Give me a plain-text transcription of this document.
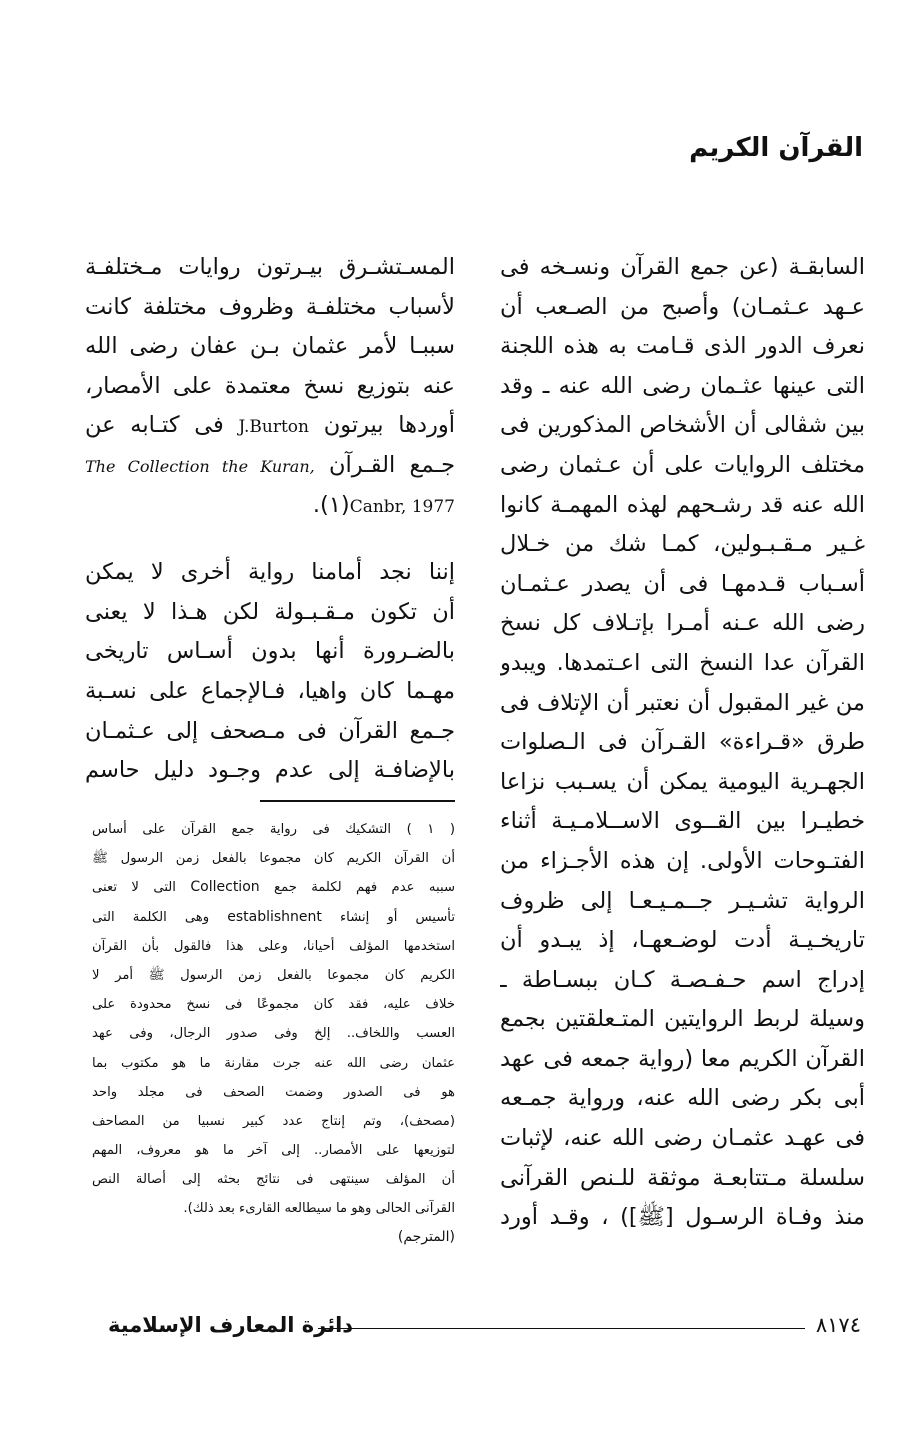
القرآن الكريم
السابقـة (عن جمع القرآن ونسـخه فى
عـهد عـثمـان) وأصبح من الصـعب أن
نعرف الدور الذى قـامت به هذه اللجنة
التى عينها عثـمان رضى الله عنه ـ وقد
بين شڤالى أن الأشخاص المذكورين فى
مختلف الروايات على أن عـثمان رضى
الله عنه قد رشـحهم لهذه المهمـة كانوا
غـير مـقـبـولين، كمـا شك من خـلال
أسـباب قـدمهـا فى أن يصدر عـثمـان
رضى الله عـنه أمـرا بإتـلاف كل نسخ
القرآن عدا النسخ التى اعـتمدها. ويبدو
من غير المقبول أن نعتبر أن الإتلاف فى
طرق «قـراءة» القـرآن فى الـصلوات
الجهـرية اليومية يمكن أن يسـبب نزاعا
خطيـرا بين القــوى الاســلامـيـة أثناء
الفتـوحات الأولى. إن هذه الأجـزاء من
الرواية تشـيـر جــمـيـعـا إلى ظروف
تاريخـيـة أدت لوضـعهـا، إذ يبـدو أن
إدراج اسم حـفـصـة كـان ببسـاطة ـ
وسيلة لربط الروايتين المتـعلقتين بجمع
القرآن الكريم معا (رواية جمعه فى عهد
أبى بكر رضى الله عنه، ورواية جمـعه
فى عهـد عثمـان رضى الله عنه، لإثبات
سلسلة مـتتابعـة موثقة للـنص القرآنى
منذ وفـاة الرسـول [ﷺ]) ، وقـد أورد
المسـتشـرق بيـرتون روايات مـختلفـة
لأسباب مختلفـة وظروف مختلفة كانت
سببـا لأمر عثمان بـن عفان رضى الله
عنه بتوزيع نسخ معتمدة على الأمصار،
أوردها بيرتون J.Burton فى كتـابه عن
جـمع القـرآن The Collection the Kuran,
Canbr, 1977(١).
إننا نجد أمامنا رواية أخرى لا يمكن
أن تكون مـقـبـولة لكن هـذا لا يعنى
بالضـرورة أنها بدون أسـاس تاريخى
مهـما كان واهيا، فـالإجماع على نسـبة
جـمع القرآن فى مـصحف إلى عـثمـان
بالإضافـة إلى عدم وجـود دليل حاسم
( ١ ) التشكيك فى رواية جمع القرآن على أساس
أن القرآن الكريم كان مجموعا بالفعل زمن الرسول ﷺ
سببه عدم فهم لكلمة جمع Collection التى لا تعنى
تأسيس أو إنشاء establishnent وهى الكلمة التى
استخدمها المؤلف أحيانا، وعلى هذا فالقول بأن القرآن
الكريم كان مجموعا بالفعل زمن الرسول ﷺ أمر لا
خلاف عليه، فقد كان مجموعًا فى نسخ محدودة على
العسب واللخاف.. إلخ وفى صدور الرجال، وفى عهد
عثمان رضى الله عنه جرت مقارنة ما هو مكتوب بما
هو فى الصدور وضمت الصحف فى مجلد واحد
(مصحف)، وتم إنتاج عدد كبير نسبيا من المصاحف
لتوزيعها على الأمصار.. إلى آخر ما هو معروف، المهم
أن المؤلف سينتهى فى نتائج بحثه إلى أصالة النص
القرآنى الحالى وهو ما سيطالعه القارىء بعد ذلك).
(المترجم)
٨١٧٤
دائرة المعارف الإسلامية
